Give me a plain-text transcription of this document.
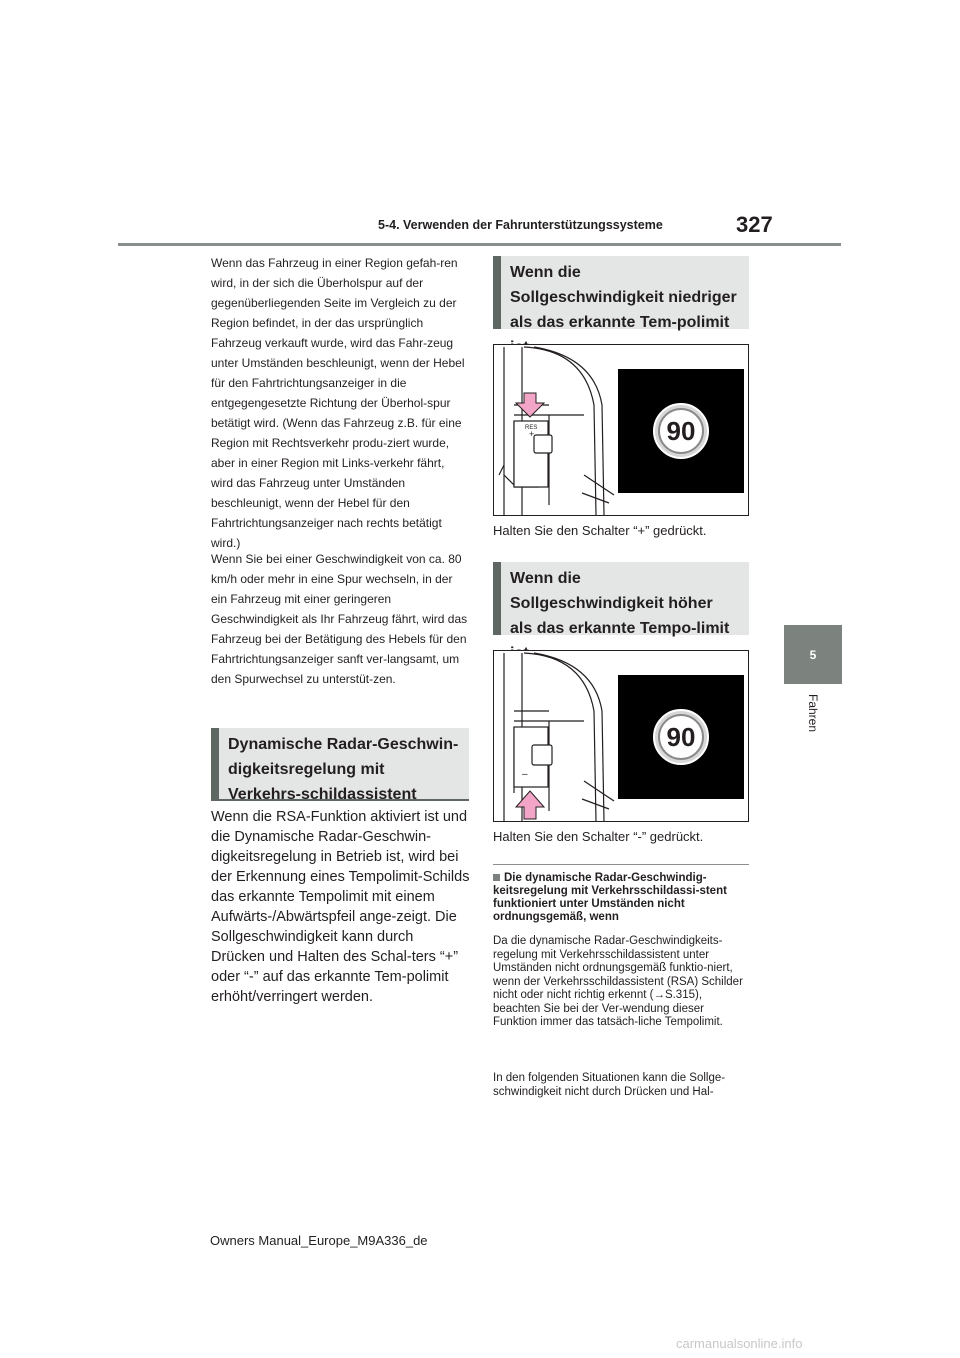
5-4. Verwenden der Fahrunterstützungssysteme	327
5
Fahren
Wenn das Fahrzeug in einer Region gefah-ren wird, in der sich die Überholspur auf der gegenüberliegenden Seite im Vergleich zu der Region befindet, in der das ursprünglich Fahrzeug verkauft wurde, wird das Fahr-zeug unter Umständen beschleunigt, wenn der Hebel für den Fahrtrichtungsanzeiger in die entgegengesetzte Richtung der Überhol-spur betätigt wird. (Wenn das Fahrzeug z.B. für eine Region mit Rechtsverkehr produ-ziert wurde, aber in einer Region mit Links-verkehr fährt, wird das Fahrzeug unter Umständen beschleunigt, wenn der Hebel für den Fahrtrichtungsanzeiger nach rechts betätigt wird.)
Wenn Sie bei einer Geschwindigkeit von ca. 80 km/h oder mehr in eine Spur wechseln, in der ein Fahrzeug mit einer geringeren Geschwindigkeit als Ihr Fahrzeug fährt, wird das Fahrzeug bei der Betätigung des Hebels für den Fahrtrichtungsanzeiger sanft ver-langsamt, um den Spurwechsel zu unterstüt-zen.
Dynamische Radar-Geschwin-digkeitsregelung mit Verkehrs-schildassistent
Wenn die RSA-Funktion aktiviert ist und die Dynamische Radar-Geschwin-digkeitsregelung in Betrieb ist, wird bei der Erkennung eines Tempolimit-Schilds das erkannte Tempolimit mit einem Aufwärts-/Abwärtspfeil ange-zeigt. Die Sollgeschwindigkeit kann durch Drücken und Halten des Schal-ters “+” oder “-” auf das erkannte Tem-polimit erhöht/verringert werden.
Wenn die Sollgeschwindigkeit niedriger als das erkannte Tem-polimit
RES
+	90
Halten Sie den Schalter “+” gedrückt.
Wenn die Sollgeschwindigkeit höher als das erkannte Tempo-limit
–
90
Halten Sie den Schalter “-” gedrückt.
Die dynamische Radar-Geschwindig-keitsregelung mit Verkehrsschildassi-stent funktioniert unter Umständen nicht ordnungsgemäß, wenn
Da die dynamische Radar-Geschwindigkeits-regelung mit Verkehrsschildassistent unter Umständen nicht ordnungsgemäß funktio-niert, wenn der Verkehrsschildassistent (RSA) Schilder nicht oder nicht richtig erkennt (→S.315), beachten Sie bei der Ver-wendung dieser Funktion immer das tatsäch-liche Tempolimit.
In den folgenden Situationen kann die Sollge-schwindigkeit nicht durch Drücken und Hal-
Owners Manual_Europe_M9A336_de
carmanualsonline.info
